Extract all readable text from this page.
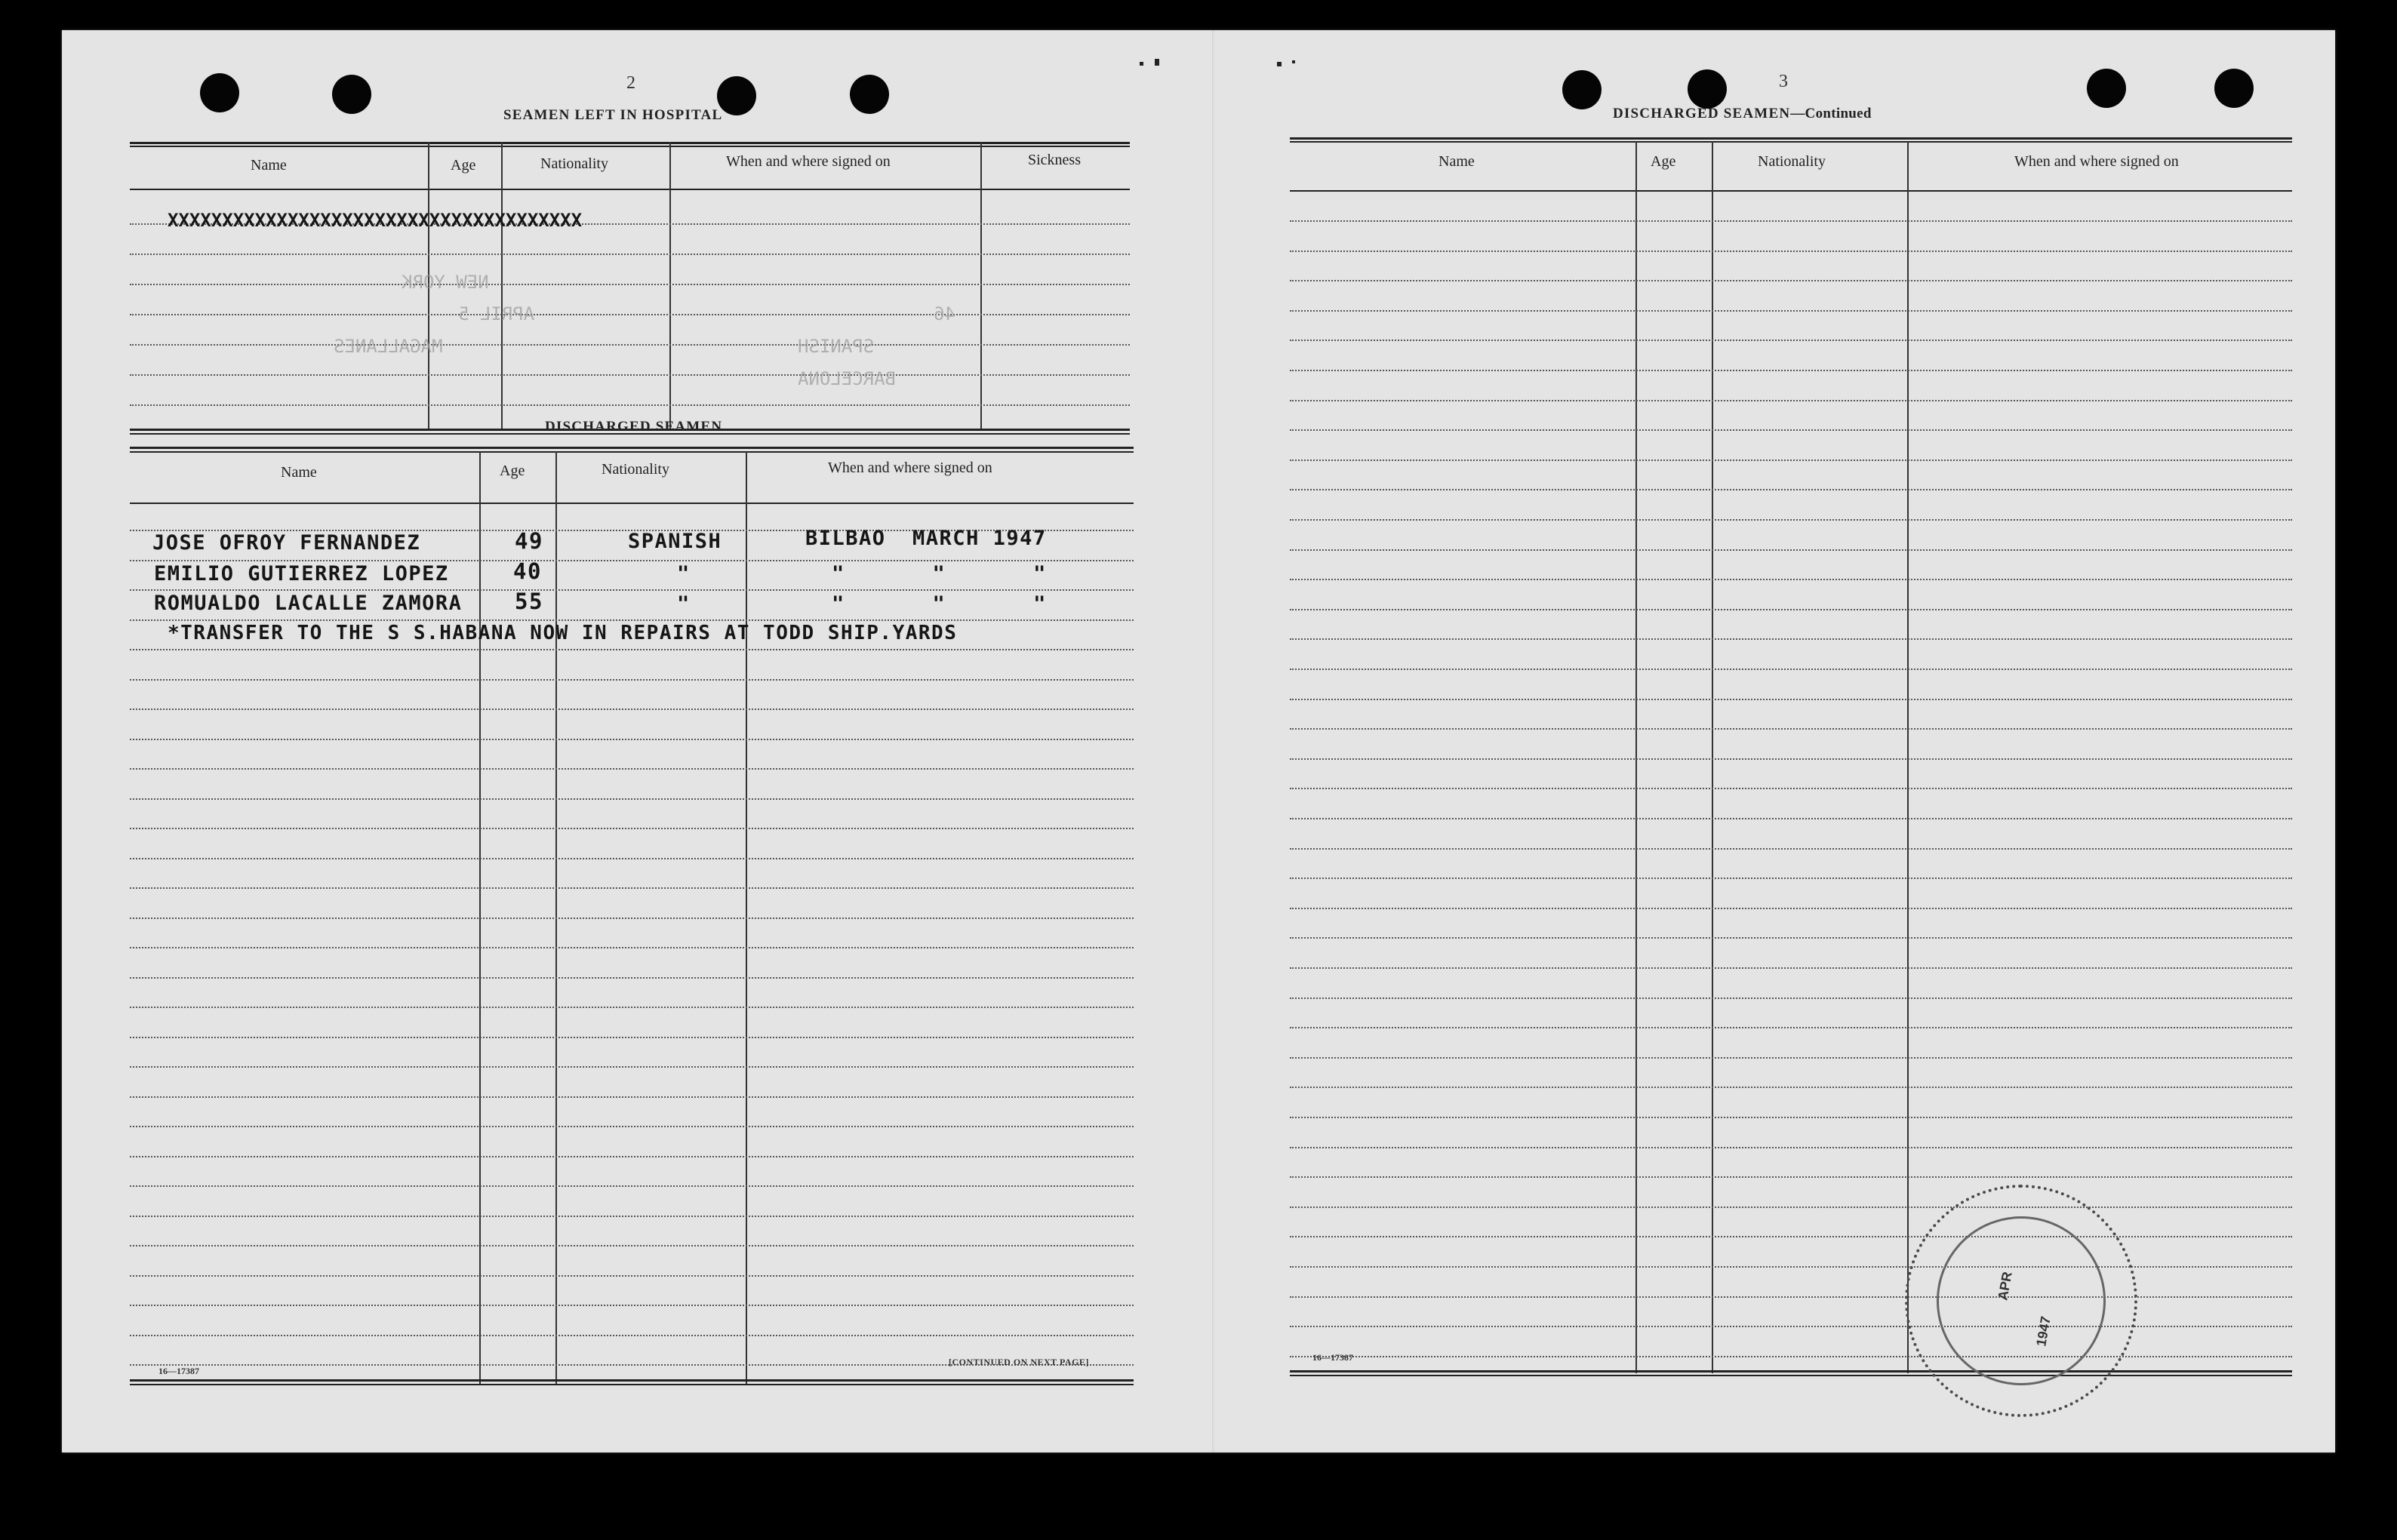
2
SEAMEN LEFT IN HOSPITAL
Name	Age	Nationality	When and where signed on	Sickness
XXXXXXXXXXXXXXXXXXXXXXXXXXXXXXXXXXXXXX
NEW YORK
APRIL 5	46
MAGALLANES	SPANISH
BARCELONA
DISCHARGED SEAMEN
Name	Age	Nationality	When and where signed on
JOSE OFROY FERNANDEZ	49	SPANISH	BILBAO  MARCH 1947
EMILIO GUTIERREZ LOPEZ	40	"	"     "     "
ROMUALDO LACALLE ZAMORA 55	"	"     "     "
*TRANSFER TO THE S S.HABANA NOW IN REPAIRS AT TODD SHIP.YARDS
16—17387
[CONTINUED ON NEXT PAGE]
3
DISCHARGED SEAMEN—Continued
Name	Age	Nationality	When and where signed on
16—17387
APR
1947
